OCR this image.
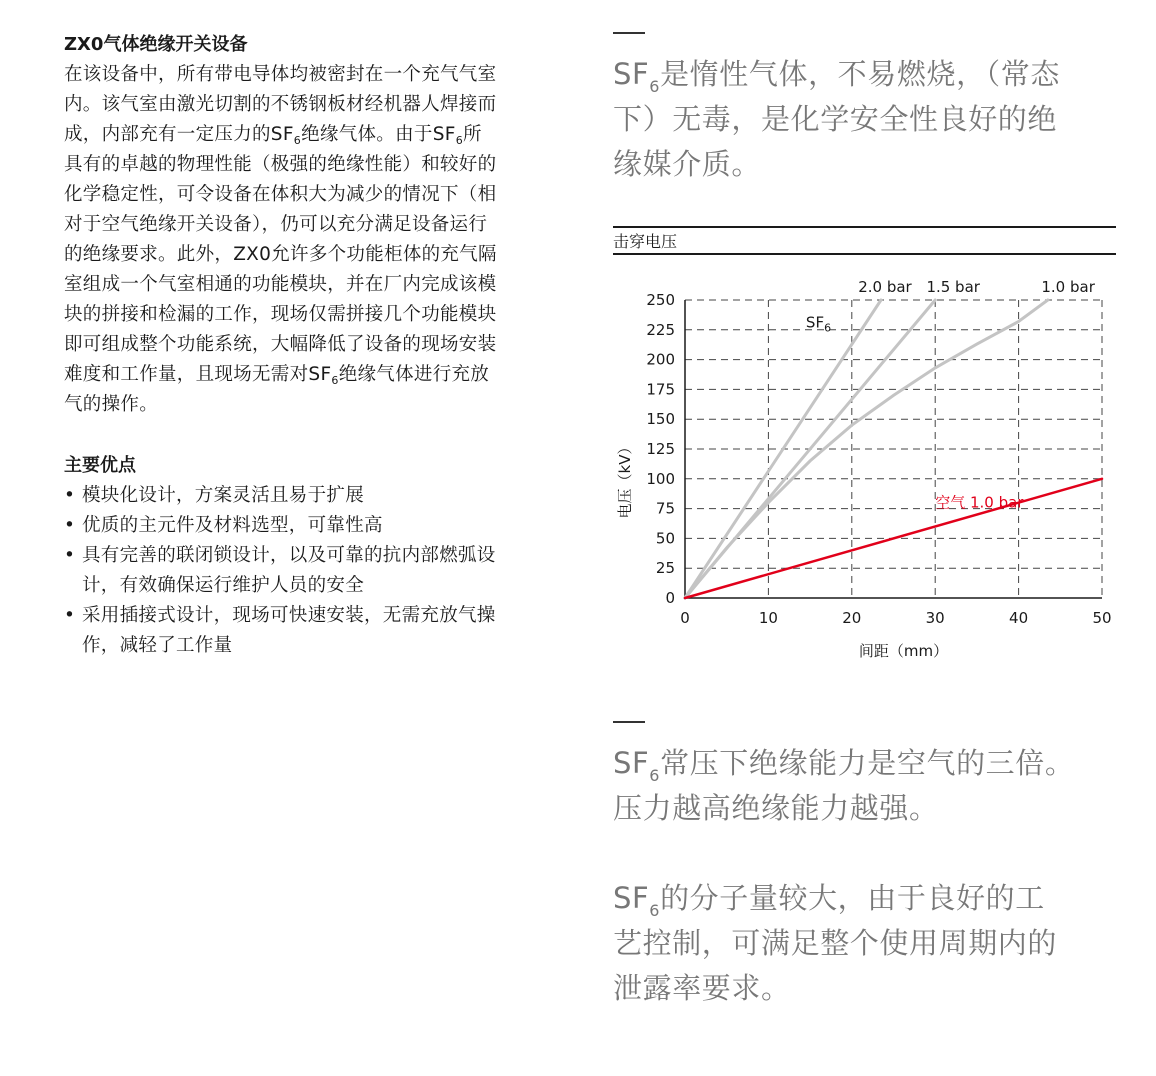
ZX0气体绝缘开关设备

在该设备中，所有带电导体均被密封在一个充气气室

内。该气室由激光切割的不锈钢板材经机器人焊接而

成，内部充有一定压力的$SF_6$绝缘气体。由于$SF_6$所

具有的卓越的物理性能（极强的绝缘性能）和较好的

化学稳定性，可令设备在体积大为减少的情况下（相

对于空气绝缘开关设备），仍可以充分满足设备运行

的绝缘要求。此外，ZX0允许多个功能柜体的充气隔

室组成一个气室相通的功能模块，并在厂内完成该模

块的拼接和检漏的工作，现场仅需拼接几个功能模块

即可组成整个功能系统，大幅降低了设备的现场安装

难度和工作量，且现场无需对$SF_6$绝缘气体进行充放

气的操作。

主要优点

• 模块化设计，方案灵活且易于扩展
• 优质的主元件及材料选型，可靠性高
• 具有完善的联闭锁设计，以及可靠的抗内部燃弧设
计，有效确保运行维护人员的安全
• 采用插接式设计，现场可快速安装，无需充放气操
作，减轻了工作量
$SF_6$是惰性气体，不易燃烧，（常态
下）无毒，是化学安全性良好的绝
缘媒介质。
击穿电压
0
25
50
75
100
125
150
175
200
225
250
0	10	20	30	40	50
间距（mm）
电压（kV）
2.0 bar 1.5 bar	1.0 bar
空气 1.0 bar
$SF_6$
$SF_6$常压下绝缘能力是空气的三倍。
压力越高绝缘能力越强。
$SF_6$的分子量较大，由于良好的工
艺控制，可满足整个使用周期内的
泄露率要求。
